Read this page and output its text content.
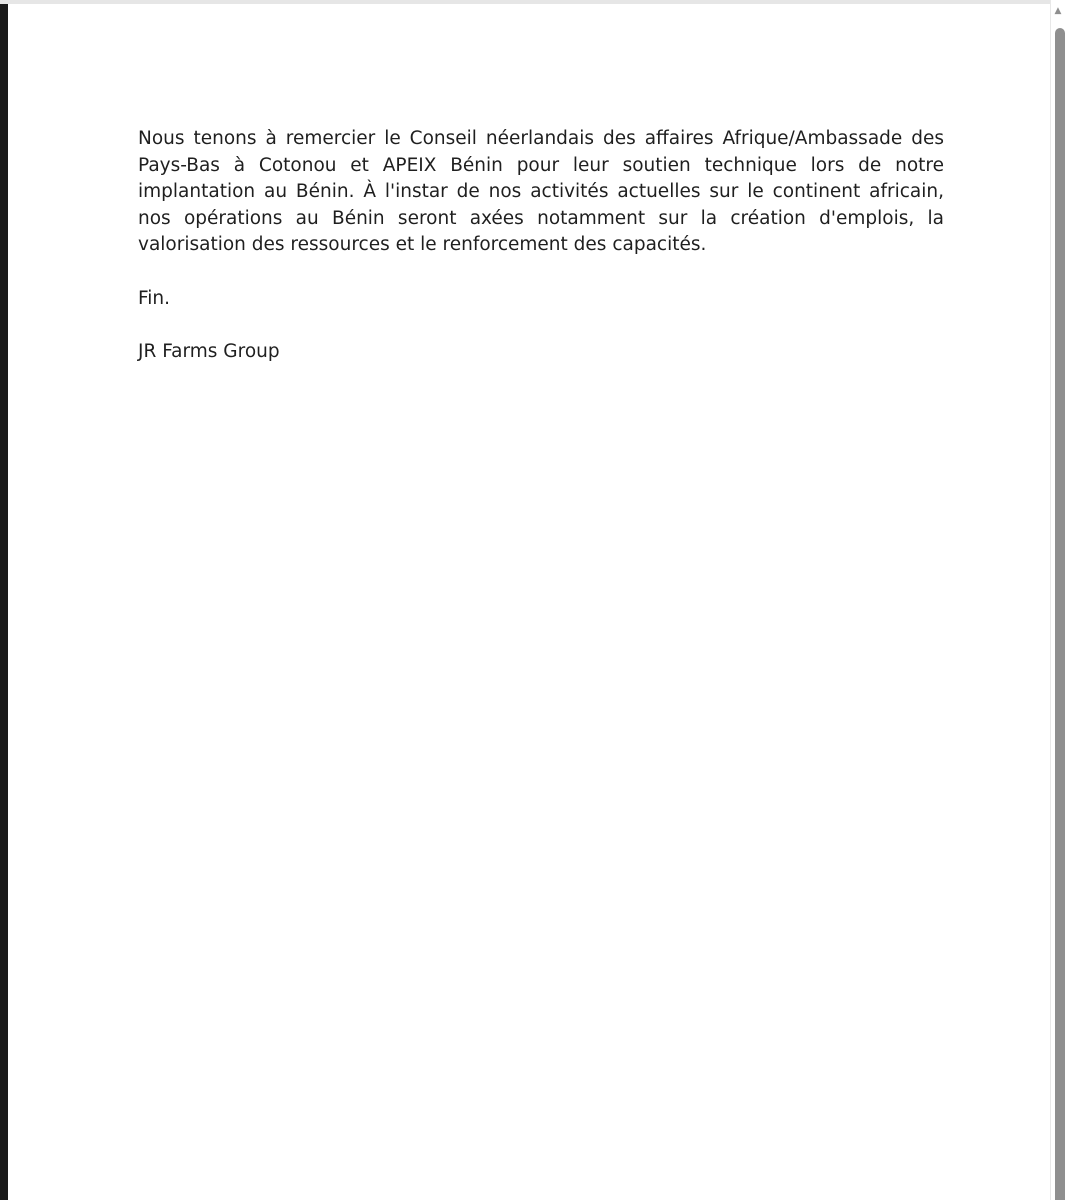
Nous tenons à remercier le Conseil néerlandais des affaires Afrique/Ambassade des Pays-Bas à Cotonou et APEIX Bénin pour leur soutien technique lors de notre implantation au Bénin. À l'instar de nos activités actuelles sur le continent africain, nos opérations au Bénin seront axées notamment sur la création d'emplois, la valorisation des ressources et le renforcement des capacités.

Fin.

JR Farms Group

▲
